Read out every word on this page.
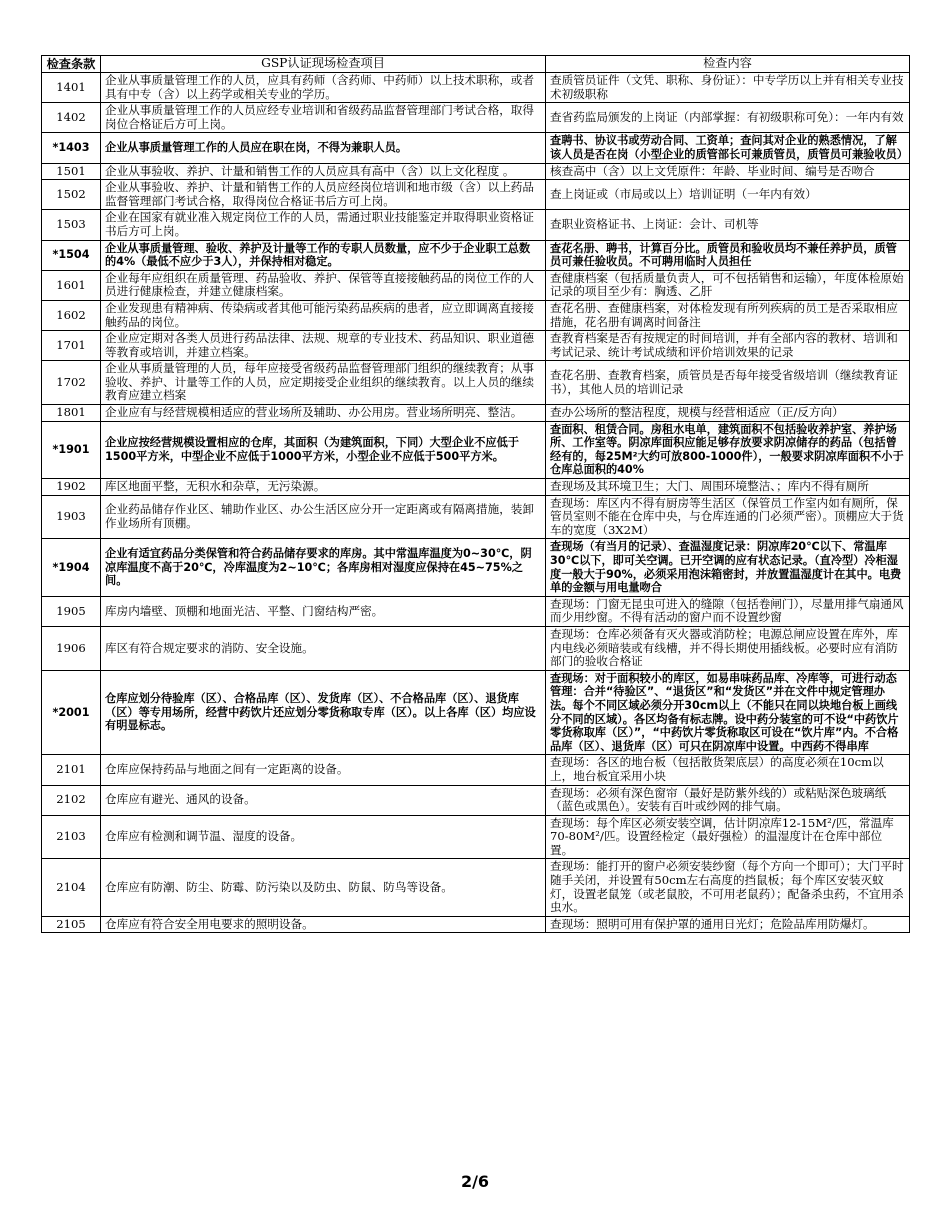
检查条款	GSP认证现场检查项目	检查内容
1401	企业从事质量管理工作的人员，应具有药师（含药师、中药师）以上技术职称，或者具有中专（含）以上药学或相关专业的学历。	查质管员证件（文凭、职称、身份证）：中专学历以上并有相关专业技术初级职称
1402	企业从事质量管理工作的人员应经专业培训和省级药品监督管理部门考试合格，取得岗位合格证后方可上岗。	查省药监局颁发的上岗证（内部掌握：有初级职称可免）：一年内有效
*1403	企业从事质量管理工作的人员应在职在岗，不得为兼职人员。	查聘书、协议书或劳动合同、工资单；查问其对企业的熟悉情况，了解该人员是否在岗（小型企业的质管部长可兼质管员，质管员可兼验收员）
1501	企业从事验收、养护、计量和销售工作的人员应具有高中（含）以上文化程度 。	核查高中（含）以上文凭原件：年龄、毕业时间、编号是否吻合
1502	企业从事验收、养护、计量和销售工作的人员应经岗位培训和地市级（含）以上药品监督管理部门考试合格，取得岗位合格证书后方可上岗。	查上岗证或（市局或以上）培训证明（一年内有效）
1503	企业在国家有就业准入规定岗位工作的人员，需通过职业技能鉴定并取得职业资格证书后方可上岗。	查职业资格证书、上岗证：会计、司机等
*1504	企业从事质量管理、验收、养护及计量等工作的专职人员数量，应不少于企业职工总数的4%（最低不应少于3人），并保持相对稳定。	查花名册、聘书，计算百分比。质管员和验收员均不兼任养护员，质管员可兼任验收员。不可聘用临时人员担任
1601	企业每年应组织在质量管理、药品验收、养护、保管等直接接触药品的岗位工作的人员进行健康检查，并建立健康档案。	查健康档案（包括质量负责人，可不包括销售和运输），年度体检原始记录的项目至少有：胸透、乙肝
1602	企业发现患有精神病、传染病或者其他可能污染药品疾病的患者，应立即调离直接接触药品的岗位。	查花名册、查健康档案，对体检发现有所列疾病的员工是否采取相应措施，花名册有调离时间备注
1701	企业应定期对各类人员进行药品法律、法规、规章的专业技术、药品知识、职业道德等教育或培训，并建立档案。	查教育档案是否有按规定的时间培训，并有全部内容的教材、培训和考试记录、统计考试成绩和评价培训效果的记录
1702	企业从事质量管理的人员，每年应接受省级药品监督管理部门组织的继续教育；从事验收、养护、计量等工作的人员，应定期接受企业组织的继续教育。以上人员的继续教育应建立档案	查花名册、查教育档案，质管员是否每年接受省级培训（继续教育证书），其他人员的培训记录
1801	企业应有与经营规模相适应的营业场所及辅助、办公用房。营业场所明亮、整洁。	查办公场所的整洁程度，规模与经营相适应（正/反方向）
*1901	企业应按经营规模设置相应的仓库，其面积（为建筑面积，下同）大型企业不应低于1500平方米，中型企业不应低于1000平方米，小型企业不应低于500平方米。	查面积、租赁合同。房租水电单，建筑面积不包括验收养护室、养护场所、工作室等。阴凉库面积应能足够存放要求阴凉储存的药品（包括曾经有的，每25M²大约可放800-1000件），一般要求阴凉库面积不小于仓库总面积的40%
1902	库区地面平整，无积水和杂草，无污染源。	查现场及其环境卫生；大门、周围环境整洁、；库内不得有厕所
1903	企业药品储存作业区、辅助作业区、办公生活区应分开一定距离或有隔离措施，装卸作业场所有顶棚。	查现场：库区内不得有厨房等生活区（保管员工作室内如有厕所，保管员室则不能在仓库中央，与仓库连通的门必须严密）。顶棚应大于货车的宽度（3X2M）
*1904	企业有适宜药品分类保管和符合药品储存要求的库房。其中常温库温度为0~30℃，阴凉库温度不高于20℃，冷库温度为2~10℃；各库房相对湿度应保持在45~75%之间。	查现场（有当月的记录）、查温湿度记录：阴凉库20℃以下、常温库30℃以下，即可关空调。已开空调的应有状态记录。（直冷型）冷柜湿度一般大于90%，必须采用泡沫箱密封，并放置温湿度计在其中。电费单的金额与用电量吻合
1905	库房内墙壁、顶棚和地面光洁、平整、门窗结构严密。	查现场：门窗无昆虫可进入的缝隙（包括卷闸门），尽量用排气扇通风而少用纱窗。不得有活动的窗户而不设置纱窗
1906	库区有符合规定要求的消防、安全设施。	查现场：仓库必须备有灭火器或消防栓；电源总闸应设置在库外，库内电线必须暗装或有线槽，并不得长期使用插线板。必要时应有消防部门的验收合格证
*2001	仓库应划分待验库（区）、合格品库（区）、发货库（区）、不合格品库（区）、退货库（区）等专用场所，经营中药饮片还应划分零货称取专库（区）。以上各库（区）均应设有明显标志。	查现场：对于面积较小的库区，如易串味药品库、冷库等，可进行动态管理：合并“待验区”、“退货区”和“发货区”并在文件中规定管理办法。每个不同区域必须分开30cm以上（不能只在同以块地台板上画线分不同的区域）。各区均备有标志牌。设中药分装室的可不设“中药饮片零货称取库（区）”，“中药饮片零货称取区可设在“饮片库”内。不合格品库（区）、退货库（区）可只在阴凉库中设置。中西药不得串库
2101	仓库应保持药品与地面之间有一定距离的设备。	查现场：各区的地台板（包括散货架底层）的高度必须在10cm以上，地台板宜采用小块
2102	仓库应有避光、通风的设备。	查现场：必须有深色窗帘（最好是防紫外线的）或粘贴深色玻璃纸（蓝色或黑色）。安装有百叶或纱网的排气扇。
2103	仓库应有检测和调节温、湿度的设备。	查现场：每个库区必须安装空调，估计阴凉库12-15M²/匹，常温库70-80M²/匹。设置经检定（最好强检）的温湿度计在仓库中部位置。
2104	仓库应有防潮、防尘、防霉、防污染以及防虫、防鼠、防鸟等设备。	查现场：能打开的窗户必须安装纱窗（每个方向一个即可）；大门平时随手关闭，并设置有50cm左右高度的挡鼠板；每个库区安装灭蚊灯，设置老鼠笼（或老鼠胶，不可用老鼠药）；配备杀虫药，不宜用杀虫水。
2105	仓库应有符合安全用电要求的照明设备。	查现场：照明可用有保护罩的通用日光灯；危险品库用防爆灯。
2/6
